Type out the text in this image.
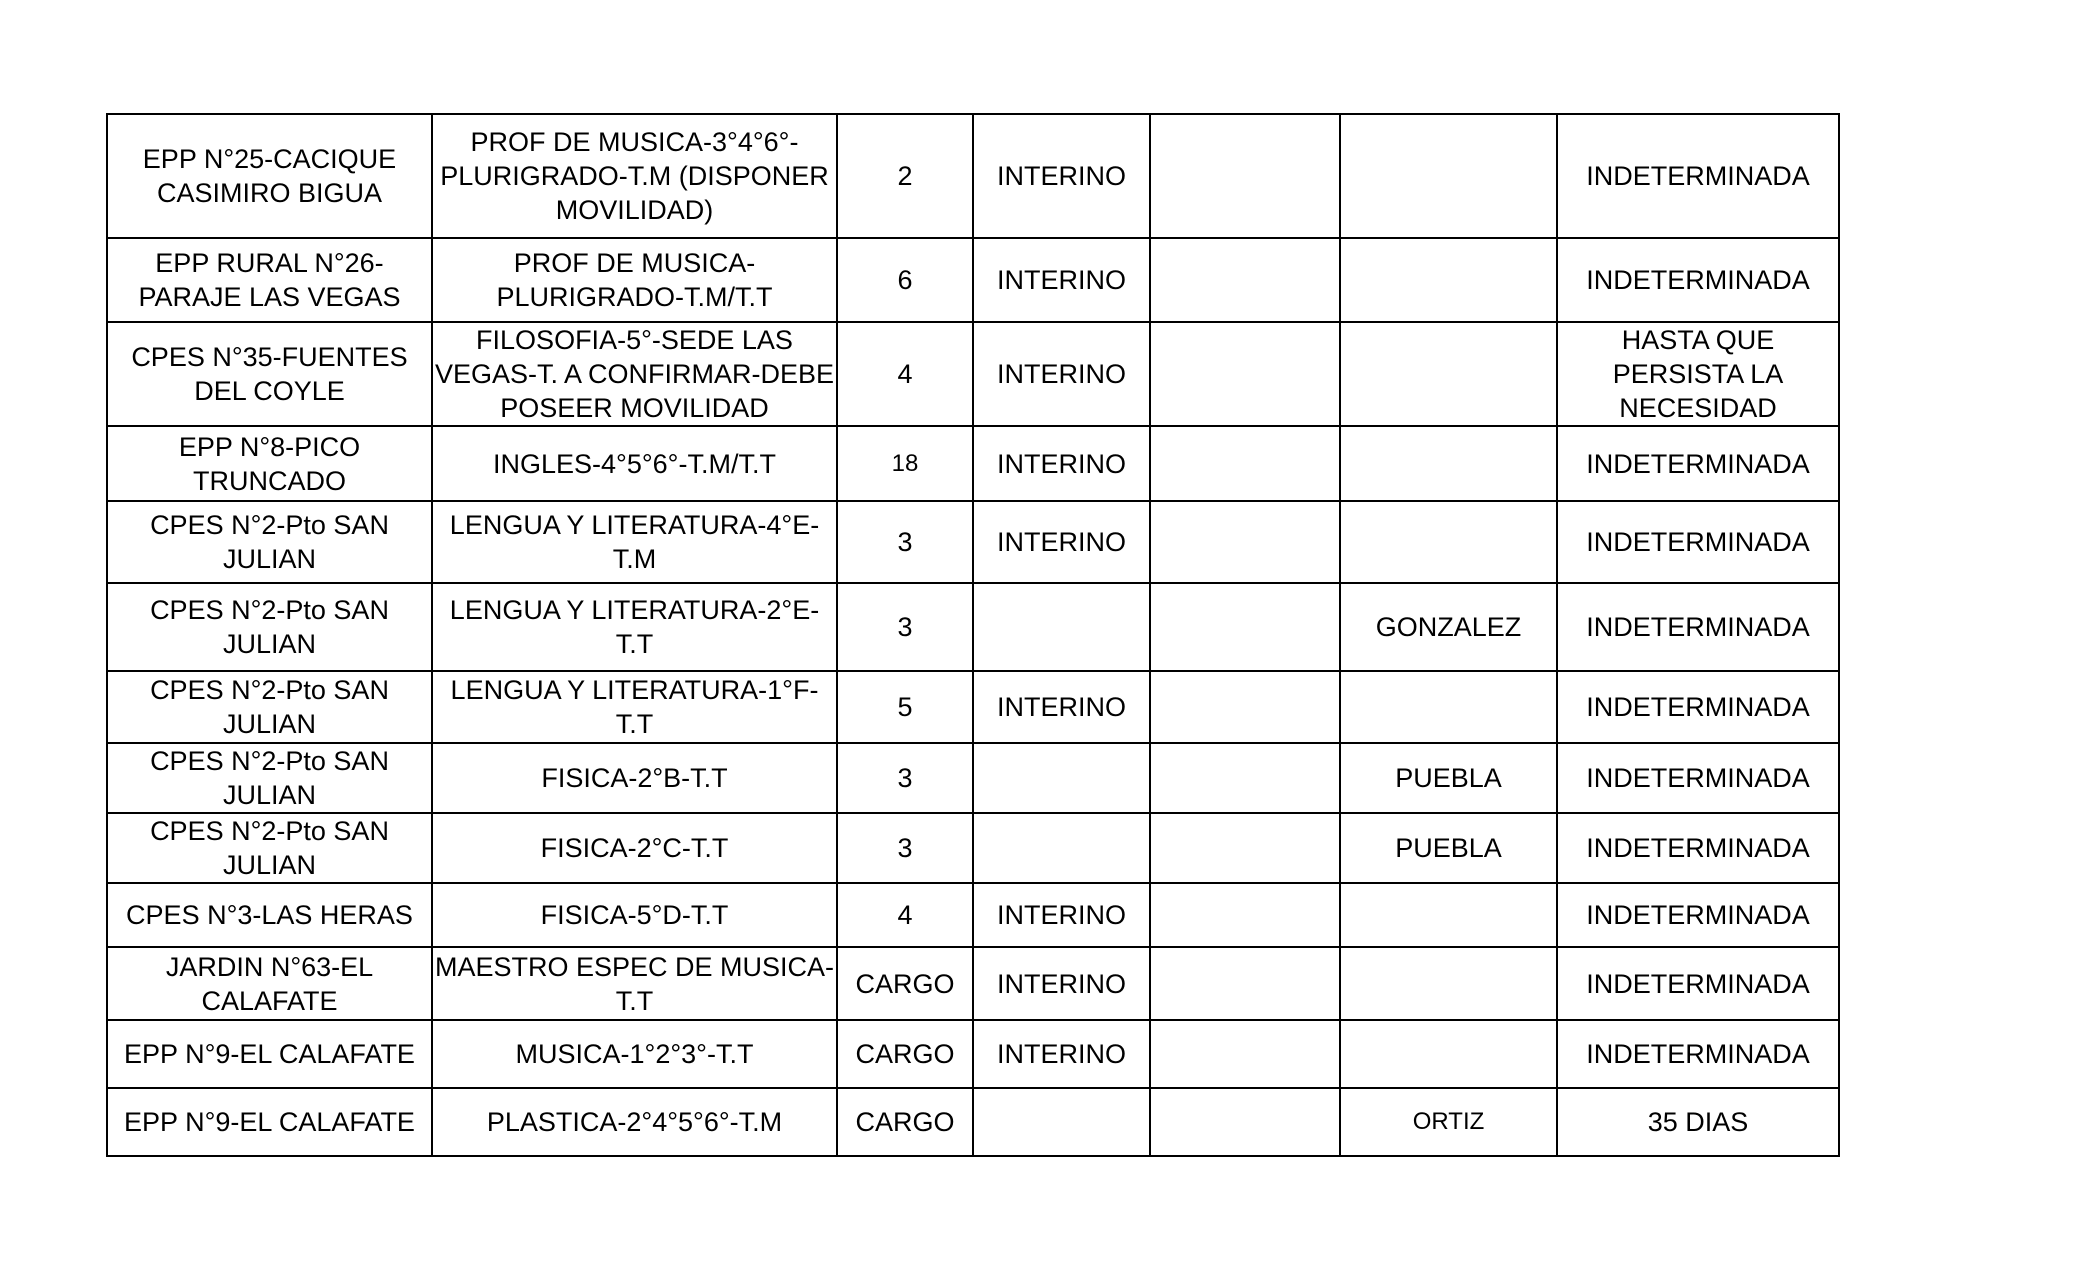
EPP N°25-CACIQUE CASIMIRO BIGUA	PROF DE MUSICA-3°4°6°-PLURIGRADO-T.M (DISPONER MOVILIDAD)	2	INTERINO			INDETERMINADA
EPP RURAL N°26-PARAJE LAS VEGAS	PROF DE MUSICA-PLURIGRADO-T.M/T.T	6	INTERINO			INDETERMINADA
CPES N°35-FUENTES DEL COYLE	FILOSOFIA-5°-SEDE LAS VEGAS-T. A CONFIRMAR-DEBE POSEER MOVILIDAD	4	INTERINO			HASTA QUE PERSISTA LA NECESIDAD
EPP N°8-PICO TRUNCADO	INGLES-4°5°6°-T.M/T.T	18	INTERINO			INDETERMINADA
CPES N°2-Pto SAN JULIAN	LENGUA Y LITERATURA-4°E-T.M	3	INTERINO			INDETERMINADA
CPES N°2-Pto SAN JULIAN	LENGUA Y LITERATURA-2°E-T.T	3			GONZALEZ	INDETERMINADA
CPES N°2-Pto SAN JULIAN	LENGUA Y LITERATURA-1°F-T.T	5	INTERINO			INDETERMINADA
CPES N°2-Pto SAN JULIAN	FISICA-2°B-T.T	3			PUEBLA	INDETERMINADA
CPES N°2-Pto SAN JULIAN	FISICA-2°C-T.T	3			PUEBLA	INDETERMINADA
CPES N°3-LAS HERAS	FISICA-5°D-T.T	4	INTERINO			INDETERMINADA
JARDIN N°63-EL CALAFATE	MAESTRO ESPEC DE MUSICA-T.T	CARGO	INTERINO			INDETERMINADA
EPP N°9-EL CALAFATE	MUSICA-1°2°3°-T.T	CARGO	INTERINO			INDETERMINADA
EPP N°9-EL CALAFATE	PLASTICA-2°4°5°6°-T.M	CARGO			ORTIZ	35 DIAS
